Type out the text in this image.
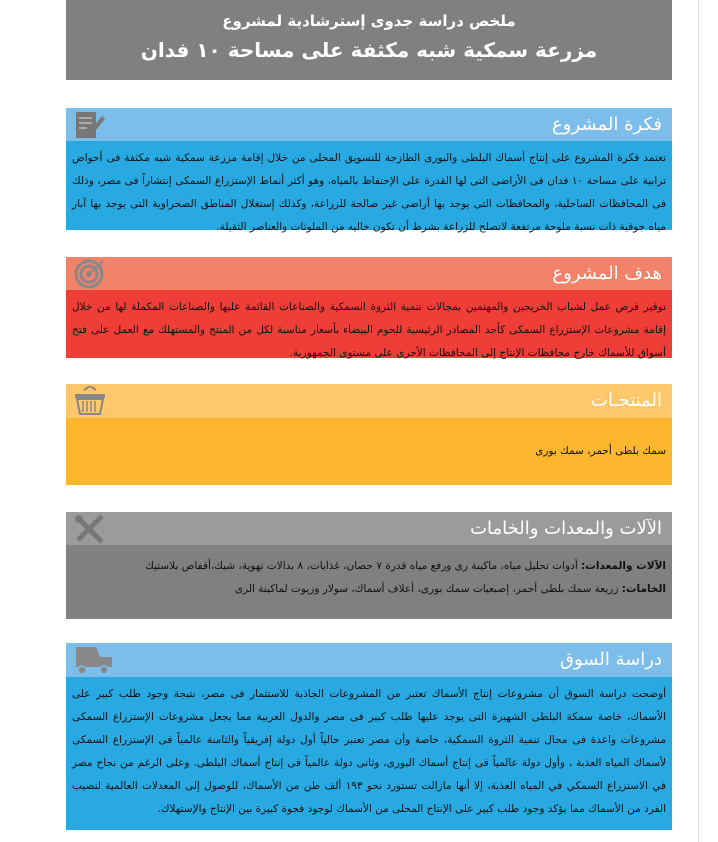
ملخص دراسة جدوى إسترشادية لمشروع
مزرعة سمكية شبه مكثفة على مساحة ١٠ فدان
فكرة المشروع
تعتمد فكرة المشروع على إنتاج أسماك البلطى والبورى الطازجة للتسويق المحلى من خلال إقامة مزرعة سمكية شبه مكثفة فى أحواض ترابية على مساحة ١٠ فدان فى الأراضى التى لها القدرة على الإحتفاظ بالمياه، وهو أكثر أنماط الإستزراع السمكى إنتشاراً فى مصر، وذلك فى المحافظات الساحلية، والمحافظات التى يوجد بها أراضى غير صالحة للزراعة، وكذلك إستغلال المناطق الصحراوية التى يوجد بها آبار مياه جوفية ذات نسبة ملوحة مرتفعة لاتصلح للزراعة بشرط أن تكون خاليه من الملوثات والعناصر الثقيلة.
هدف المشروع
توفير فرص عمل لشباب الخريجين والمهتمين بمجالات تنمية الثروة السمكية والصناعات القائمة عليها والصناعات المكملة لها من خلال إقامة مشروعات الإستزراع السمكى كأحد المصادر الرئيسية للحوم البيضاء بأسعار مناسبة لكل من المنتج والمستهلك مع العمل على فتح أسواق للأسماك خارج محافظات الإنتاج إلى المحافظات الأخرى على مستوى الجمهورية.
المنتجـات
سمك بلطى أحمر، سمك بورى
الآلات والمعدات والخامات
الآلات والمعدات: أدوات تحليل مياه، ماكينة رى ورفع مياه قدرة ٧ حصان، غذايات، ٨ بدالات تهوية، شبك،أقفاص بلاستيك
الخامات: زريعة سمك بلطى أحمر، إصبعيات سمك بورى، أعلاف أسماك، سولار وزيوت لماكينة الرى
دراسة السوق
أوضحت دراسة السوق أن مشروعات إنتاج الأسماك تعتبر من المشروعات الجاذبة للاستثمار فى مصر، نتيجة وجود طلب كبير على الأسماك، خاصة سمكة البلطى الشهيرة التى يوجد عليها طلب كبير فى مصر والدول العربية مما يجعل مشروعات الإستزراع السمكى مشروعات واعدة فى مجال تنمية الثروة السمكية، خاصة وأن مصر تعتبر حالياً أول دولة إفريقياً والثامنة عالمياً فى الإستزراع السمكى لأسماك المياه العذبة ، وأول دولة عالمياً فى إنتاج أسماك البورى، وثانى دولة عالمياً فى إنتاج أسماك البلطى. وعلى الرغم من نجاح مصر في الاستزراع السمكي في المياه العذبة، إلا أنها مازالت تستورد نحو ١٩٣ ألف طن من الأسماك، للوصول إلى المعدلات العالمية لنصيب الفرد من الأسماك مما يؤكد وجود طلب كبير على الإنتاج المحلى من الأسماك لوجود فجوة كبيرة بين الإنتاج والإستهلاك.
